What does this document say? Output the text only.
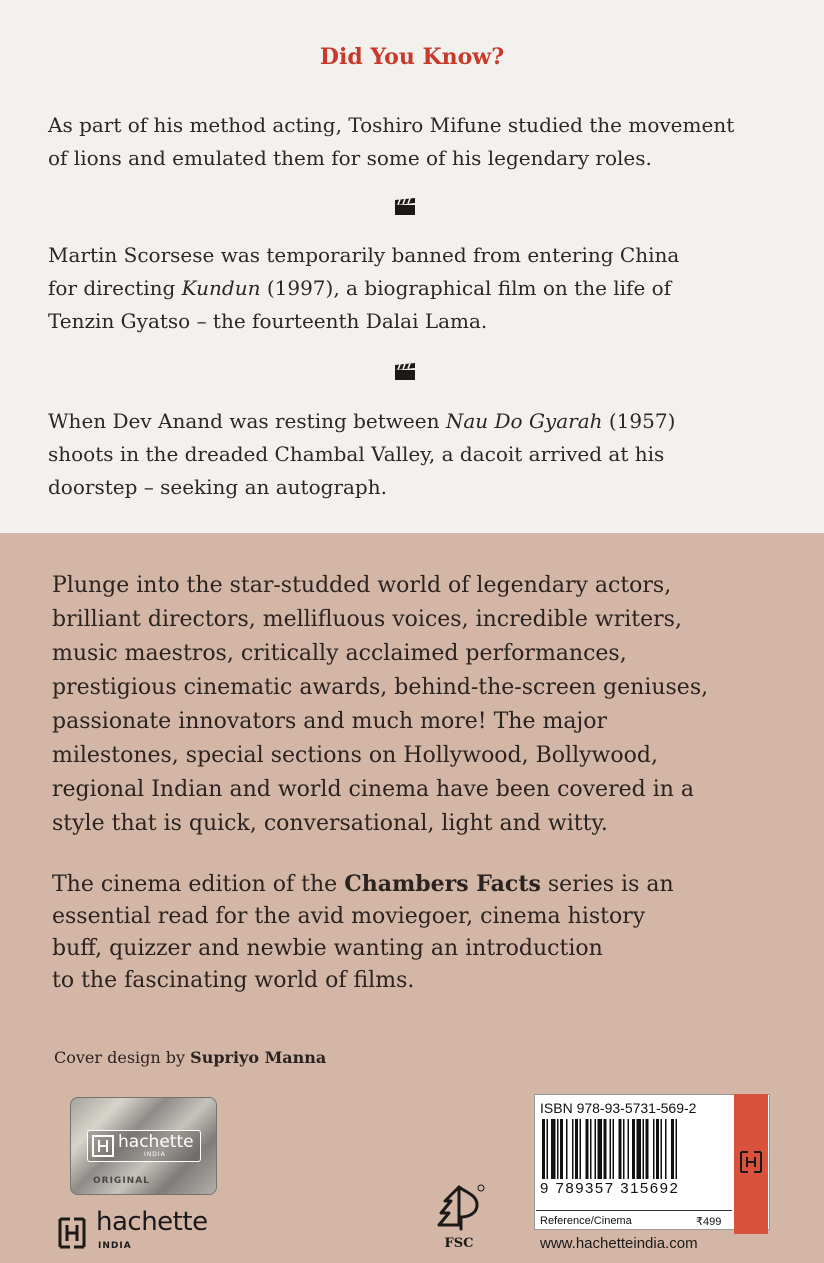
Did You Know?
As part of his method acting, Toshiro Mifune studied the movement
of lions and emulated them for some of his legendary roles.
Martin Scorsese was temporarily banned from entering China
for directing Kundun (1997), a biographical film on the life of
Tenzin Gyatso – the fourteenth Dalai Lama.
When Dev Anand was resting between Nau Do Gyarah (1957)
shoots in the dreaded Chambal Valley, a dacoit arrived at his
doorstep – seeking an autograph.
Plunge into the star-studded world of legendary actors,
brilliant directors, mellifluous voices, incredible writers,
music maestros, critically acclaimed performances,
prestigious cinematic awards, behind-the-screen geniuses,
passionate innovators and much more! The major
milestones, special sections on Hollywood, Bollywood,
regional Indian and world cinema have been covered in a
style that is quick, conversational, light and witty.
The cinema edition of the Chambers Facts series is an
essential read for the avid moviegoer, cinema history
buff, quizzer and newbie wanting an introduction
to the fascinating world of films.
Cover design by Supriyo Manna
hachette
INDIA
ORIGINAL
hachette
INDIA	FSC
ISBN 978-93-5731-569-2
9 789357 315692
Reference/Cinema	₹499
www.hachetteindia.com
